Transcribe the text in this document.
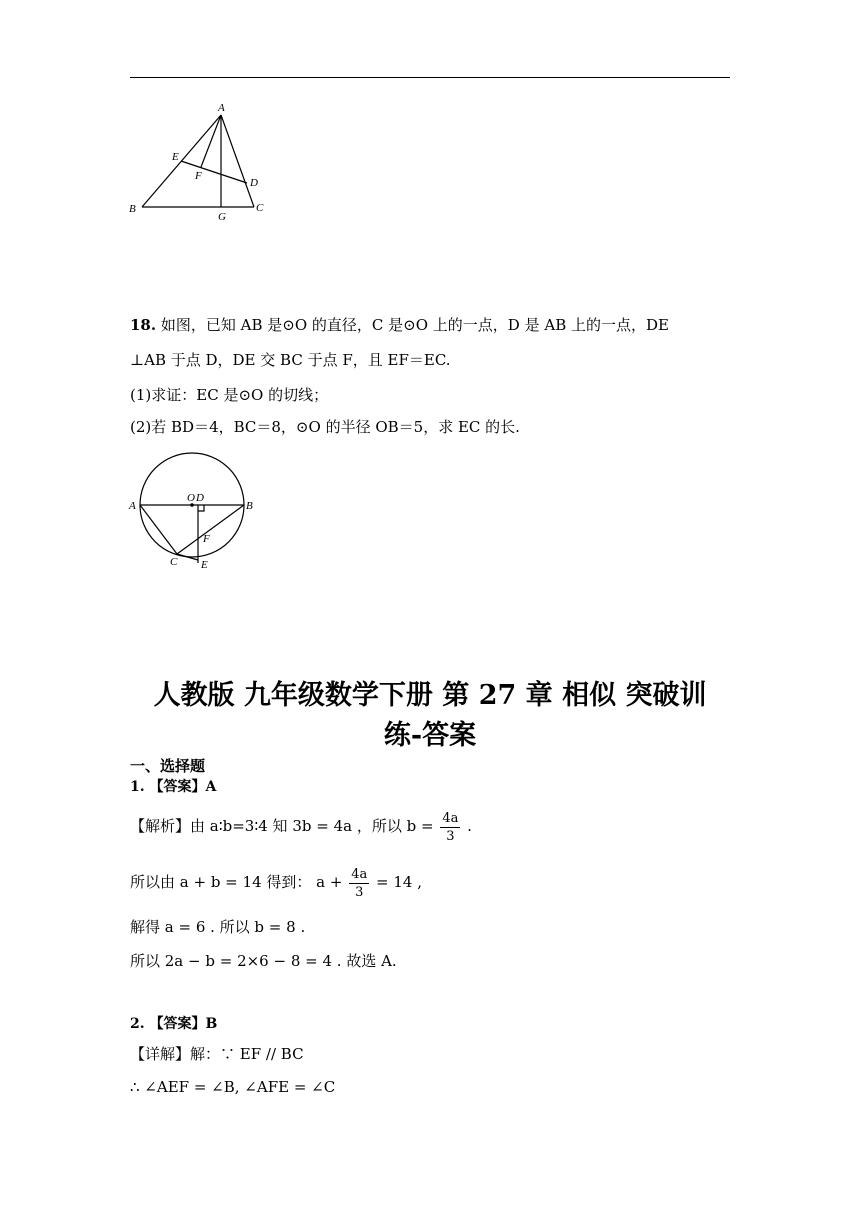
A
E
F
D
B
G
C
18. 如图，已知 AB 是⊙O 的直径，C 是⊙O 上的一点，D 是 AB 上的一点，DE
⊥AB 于点 D，DE 交 BC 于点 F，且 EF＝EC.
(1)求证：EC 是⊙O 的切线；
(2)若 BD＝4，BC＝8，⊙O 的半径 OB＝5，求 EC 的长.
A
O D
B
F
C E
人教版 九年级数学下册 第 27 章 相似 突破训
练-答案
一、选择题
1. 【答案】A
【解析】由 a∶b=3∶4 知 3b = 4a ，所以 $b = \frac{4a}{3}$ .
所以由 a + b = 14 得到： $a + \frac{4a}{3} = 14$ ,
解得 a = 6 . 所以 b = 8 .
所以 2a − b = 2×6 − 8 = 4 . 故选 A.
2. 【答案】B
【详解】解：∵ EF // BC
∴ ∠AEF = ∠B, ∠AFE = ∠C
